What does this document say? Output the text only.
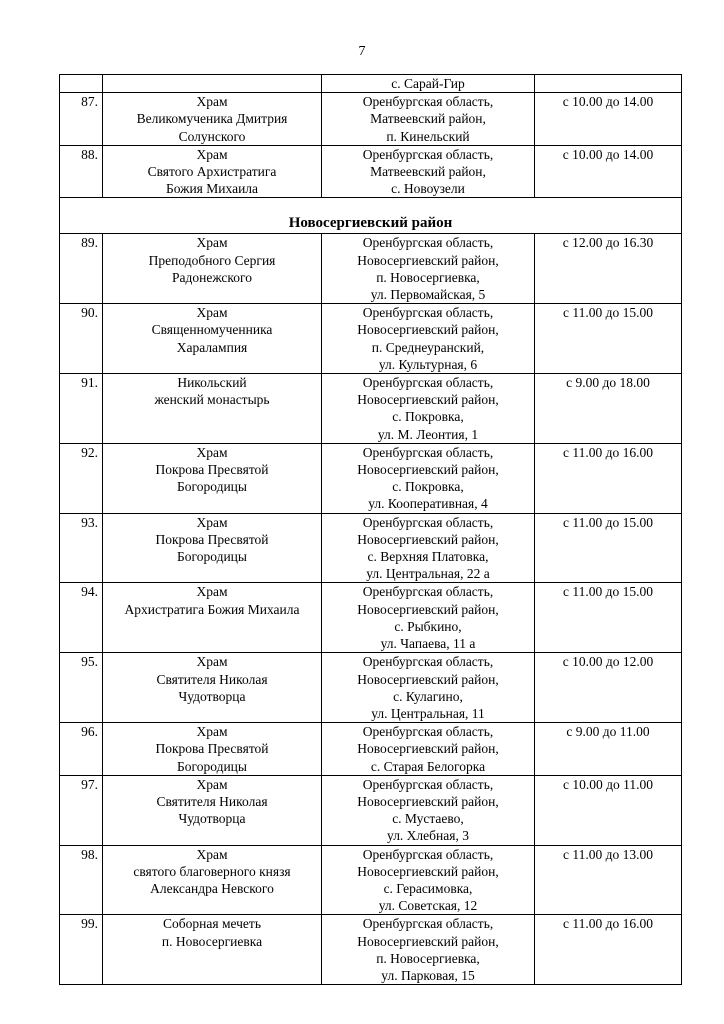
7

		с. Сарай-Гир	

87.	Храм
Великомученика Дмитрия
Солунского	Оренбургская область,
Матвеевский район,
п. Кинельский	с 10.00 до 14.00
88.	Храм
Святого Архистратига
Божия Михаила	Оренбургская область,
Матвеевский район,
с. Новоузели	с 10.00 до 14.00
Новосергиевский район			
89.	Храм
Преподобного Сергия
Радонежского	Оренбургская область,
Новосергиевский район,
п. Новосергиевка,
ул. Первомайская, 5	с 12.00 до 16.30
90.	Храм
Священномученника
Харалампия	Оренбургская область,
Новосергиевский район,
п. Среднеуранский,
ул. Культурная, 6	с 11.00 до 15.00
91.	Никольский
женский монастырь	Оренбургская область,
Новосергиевский район,
с. Покровка,
ул. М. Леонтия, 1	с 9.00 до 18.00
92.	Храм
Покрова Пресвятой
Богородицы	Оренбургская область,
Новосергиевский район,
с. Покровка,
ул. Кооперативная, 4	с 11.00 до 16.00
93.	Храм
Покрова Пресвятой
Богородицы	Оренбургская область,
Новосергиевский район,
с. Верхняя Платовка,
ул. Центральная, 22 а	с 11.00 до 15.00
94.	Храм
Архистратига Божия Михаила	Оренбургская область,
Новосергиевский район,
с. Рыбкино,
ул. Чапаева, 11 а	с 11.00 до 15.00
95.	Храм
Святителя Николая
Чудотворца	Оренбургская область,
Новосергиевский район,
с. Кулагино,
ул. Центральная, 11	с 10.00 до 12.00
96.	Храм
Покрова Пресвятой
Богородицы	Оренбургская область,
Новосергиевский район,
с. Старая Белогорка	с 9.00 до 11.00
97.	Храм
Святителя Николая
Чудотворца	Оренбургская область,
Новосергиевский район,
с. Мустаево,
ул. Хлебная, 3	с 10.00 до 11.00
98.	Храм
святого благоверного князя
Александра Невского	Оренбургская область,
Новосергиевский район,
с. Герасимовка,
ул. Советская, 12	с 11.00 до 13.00
99.	Соборная мечеть
п. Новосергиевка	Оренбургская область,
Новосергиевский район,
п. Новосергиевка,
ул. Парковая, 15	с 11.00 до 16.00
